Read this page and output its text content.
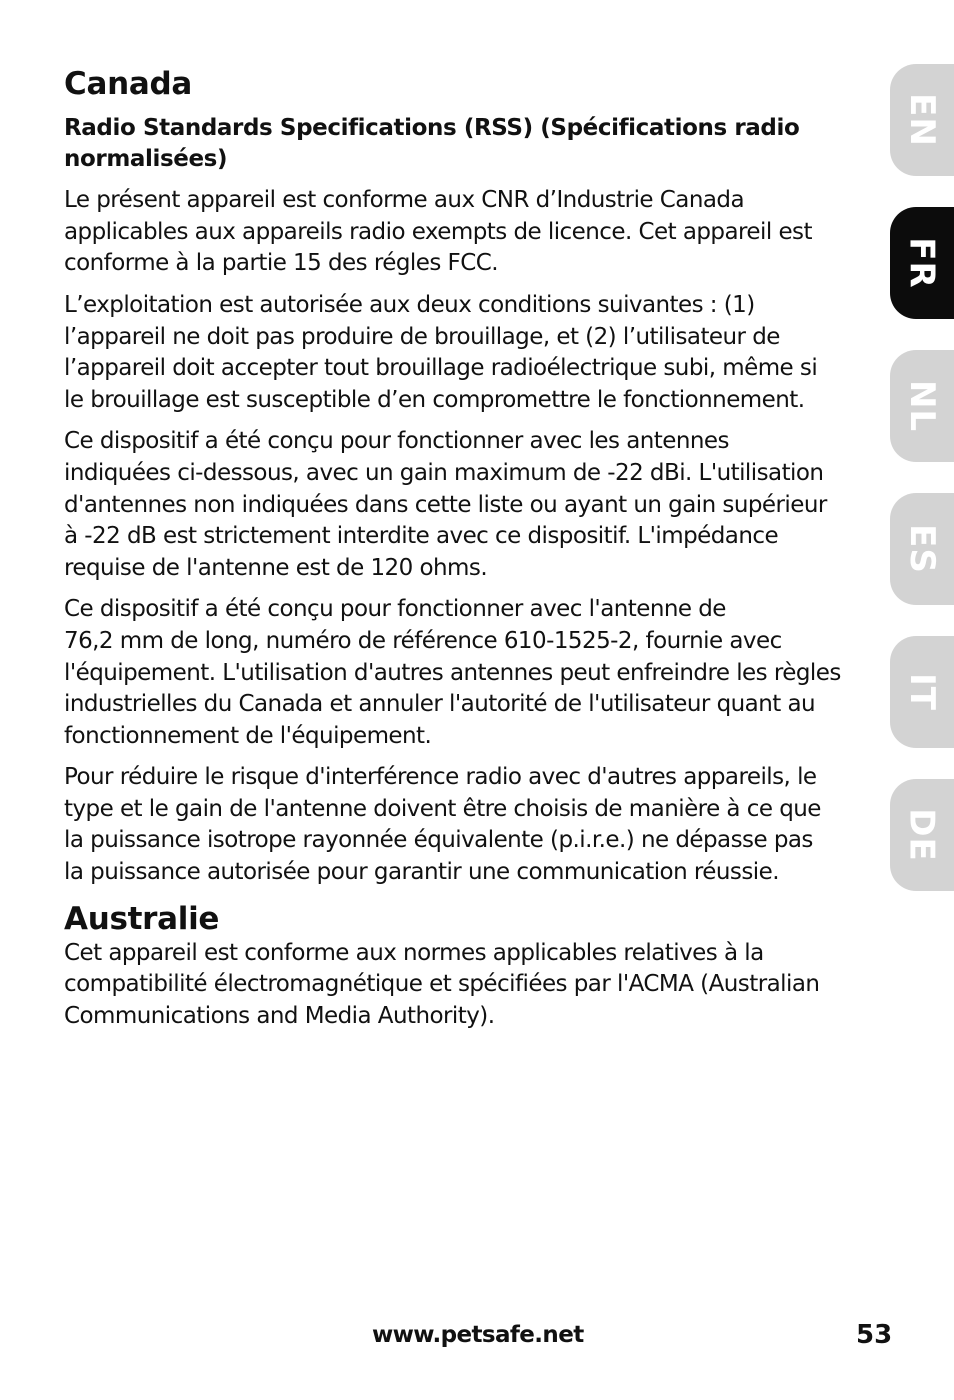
Canada
Radio Standards Specifications (RSS) (Spécifications radio normalisées)

Le présent appareil est conforme aux CNR d’Industrie Canada
applicables aux appareils radio exempts de licence. Cet appareil est
conforme à la partie 15 des régles FCC.

L’exploitation est autorisée aux deux conditions suivantes : (1)
l’appareil ne doit pas produire de brouillage, et (2) l’utilisateur de
l’appareil doit accepter tout brouillage radioélectrique subi, même si
le brouillage est susceptible d’en compromettre le fonctionnement.

Ce dispositif a été conçu pour fonctionner avec les antennes
indiquées ci-dessous, avec un gain maximum de -22 dBi. L'utilisation
d'antennes non indiquées dans cette liste ou ayant un gain supérieur
à -22 dB est strictement interdite avec ce dispositif. L'impédance
requise de l'antenne est de 120 ohms.

Ce dispositif a été conçu pour fonctionner avec l'antenne de
76,2 mm de long, numéro de référence 610-1525-2, fournie avec
l'équipement. L'utilisation d'autres antennes peut enfreindre les règles
industrielles du Canada et annuler l'autorité de l'utilisateur quant au
fonctionnement de l'équipement.

Pour réduire le risque d'interférence radio avec d'autres appareils, le
type et le gain de l'antenne doivent être choisis de manière à ce que
la puissance isotrope rayonnée équivalente (p.i.r.e.) ne dépasse pas
la puissance autorisée pour garantir une communication réussie.

Australie

Cet appareil est conforme aux normes applicables relatives à la
compatibilité électromagnétique et spécifiées par l'ACMA (Australian
Communications and Media Authority).

EN
FR
NL
ES
IT
DE
www.petsafe.net	53
